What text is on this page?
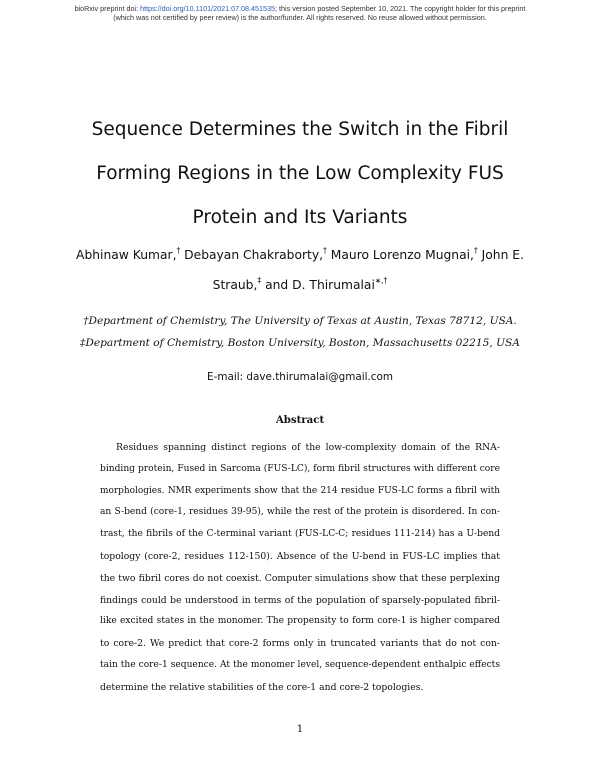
bioRxiv preprint doi: https://doi.org/10.1101/2021.07.08.451535; this version posted September 10, 2021. The copyright holder for this preprint
(which was not certified by peer review) is the author/funder. All rights reserved. No reuse allowed without permission.
Sequence Determines the Switch in the Fibril
Forming Regions in the Low Complexity FUS
Protein and Its Variants
Abhinaw Kumar,† Debayan Chakraborty,† Mauro Lorenzo Mugnai,† John E. Straub,‡ and D. Thirumalai∗,†
†Department of Chemistry, The University of Texas at Austin, Texas 78712, USA.
‡Department of Chemistry, Boston University, Boston, Massachusetts 02215, USA
E-mail: dave.thirumalai@gmail.com
Abstract
Residues spanning distinct regions of the low-complexity domain of the RNA-
binding protein, Fused in Sarcoma (FUS-LC), form fibril structures with different core
morphologies. NMR experiments show that the 214 residue FUS-LC forms a fibril with
an S-bend (core-1, residues 39-95), while the rest of the protein is disordered. In con-
trast, the fibrils of the C-terminal variant (FUS-LC-C; residues 111-214) has a U-bend
topology (core-2, residues 112-150). Absence of the U-bend in FUS-LC implies that
the two fibril cores do not coexist. Computer simulations show that these perplexing
findings could be understood in terms of the population of sparsely-populated fibril-
like excited states in the monomer. The propensity to form core-1 is higher compared
to core-2. We predict that core-2 forms only in truncated variants that do not con-
tain the core-1 sequence. At the monomer level, sequence-dependent enthalpic effects
determine the relative stabilities of the core-1 and core-2 topologies.
1
